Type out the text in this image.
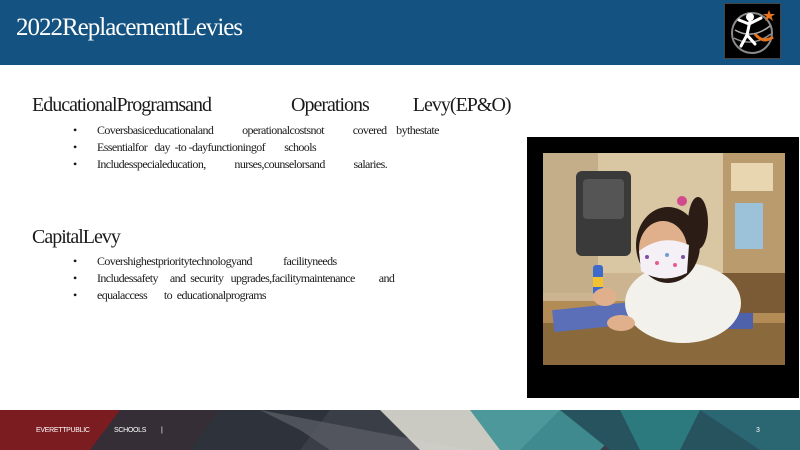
2022ReplacementLevies
EducationalProgramsand                    Operations           Levy(EP&O)
• Coversbasiceducationaland            operationalcostsnot            covered    bythestate
• Essentialfor   day  -to -dayfunctioningof        schools
• Includesspecialeducation,            nurses,counselorsand            salaries.
CapitalLevy
• Covershighestprioritytechnologyand             facilityneeds
• Includessafety     and  security   upgrades,facilitymaintenance          and
• equalaccess       to  educationalprograms
EVERETTPUBLIC	SCHOOLS |	3
